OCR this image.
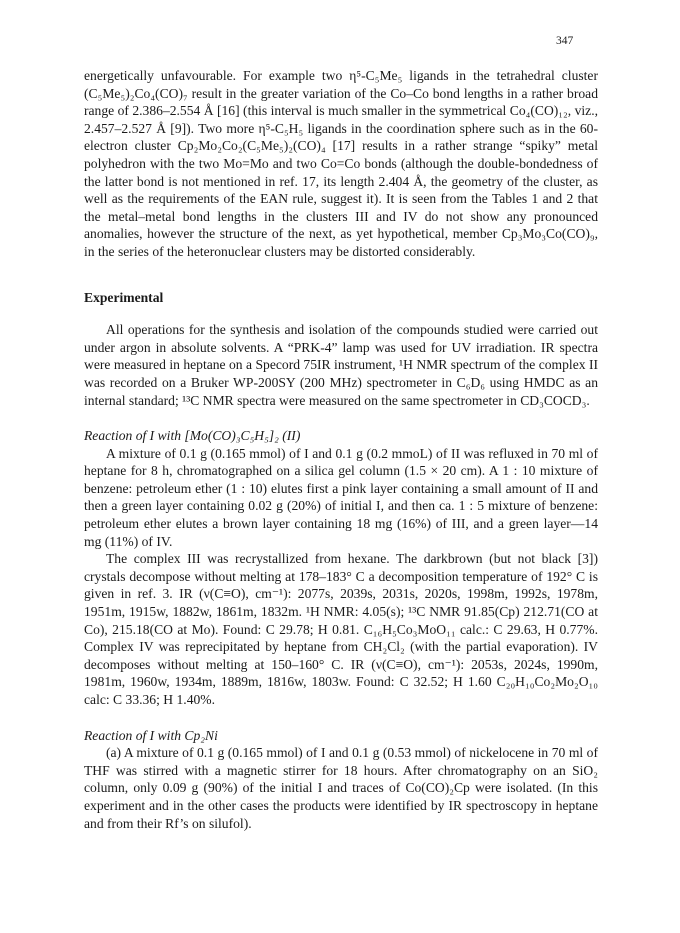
347

energetically unfavourable. For example two η⁵-C₅Me₅ ligands in the tetrahedral cluster (C₅Me₅)₂Co₄(CO)₇ result in the greater variation of the Co–Co bond lengths in a rather broad range of 2.386–2.554 Å [16] (this interval is much smaller in the symmetrical Co₄(CO)₁₂, viz., 2.457–2.527 Å [9]). Two more η⁵-C₅H₅ ligands in the coordination sphere such as in the 60-electron cluster Cp₂Mo₂Co₂(C₅Me₅)₂(CO)₄ [17] results in a rather strange “spiky” metal polyhedron with the two Mo=Mo and two Co=Co bonds (although the double-bondedness of the latter bond is not mentioned in ref. 17, its length 2.404 Å, the geometry of the cluster, as well as the requirements of the EAN rule, suggest it). It is seen from the Tables 1 and 2 that the metal–metal bond lengths in the clusters III and IV do not show any pronounced anomalies, however the structure of the next, as yet hypothetical, member Cp₃Mo₃Co(CO)₉, in the series of the heteronuclear clusters may be distorted considerably.

Experimental

All operations for the synthesis and isolation of the compounds studied were carried out under argon in absolute solvents. A “PRK-4” lamp was used for UV irradiation. IR spectra were measured in heptane on a Specord 75IR instrument, ¹H NMR spectrum of the complex II was recorded on a Bruker WP-200SY (200 MHz) spectrometer in C₆D₆ using HMDC as an internal standard; ¹³C NMR spectra were measured on the same spectrometer in CD₃COCD₃.

Reaction of I with [Mo(CO)₃C₅H₅]₂ (II)

A mixture of 0.1 g (0.165 mmol) of I and 0.1 g (0.2 mmoL) of II was refluxed in 70 ml of heptane for 8 h, chromatographed on a silica gel column (1.5 × 20 cm). A 1 : 10 mixture of benzene: petroleum ether (1 : 10) elutes first a pink layer containing a small amount of II and then a green layer containing 0.02 g (20%) of initial I, and then ca. 1 : 5 mixture of benzene: petroleum ether elutes a brown layer containing 18 mg (16%) of III, and a green layer—14 mg (11%) of IV.

The complex III was recrystallized from hexane. The darkbrown (but not black [3]) crystals decompose without melting at 178–183° C a decomposition temperature of 192° C is given in ref. 3. IR (ν(C≡O), cm⁻¹): 2077s, 2039s, 2031s, 2020s, 1998m, 1992s, 1978m, 1951m, 1915w, 1882w, 1861m, 1832m. ¹H NMR: 4.05(s); ¹³C NMR 91.85(Cp) 212.71(CO at Co), 215.18(CO at Mo). Found: C 29.78; H 0.81. C₁₆H₅Co₃MoO₁₁ calc.: C 29.63, H 0.77%. Complex IV was reprecipitated by heptane from CH₂Cl₂ (with the partial evaporation). IV decomposes without melting at 150–160° C. IR (ν(C≡O), cm⁻¹): 2053s, 2024s, 1990m, 1981m, 1960w, 1934m, 1889m, 1816w, 1803w. Found: C 32.52; H 1.60 C₂₀H₁₀Co₂Mo₂O₁₀ calc: C 33.36; H 1.40%.

Reaction of I with Cp₂Ni

(a) A mixture of 0.1 g (0.165 mmol) of I and 0.1 g (0.53 mmol) of nickelocene in 70 ml of THF was stirred with a magnetic stirrer for 18 hours. After chromatography on an SiO₂ column, only 0.09 g (90%) of the initial I and traces of Co(CO)₂Cp were isolated. (In this experiment and in the other cases the products were identified by IR spectroscopy in heptane and from their Rf’s on silufol).
